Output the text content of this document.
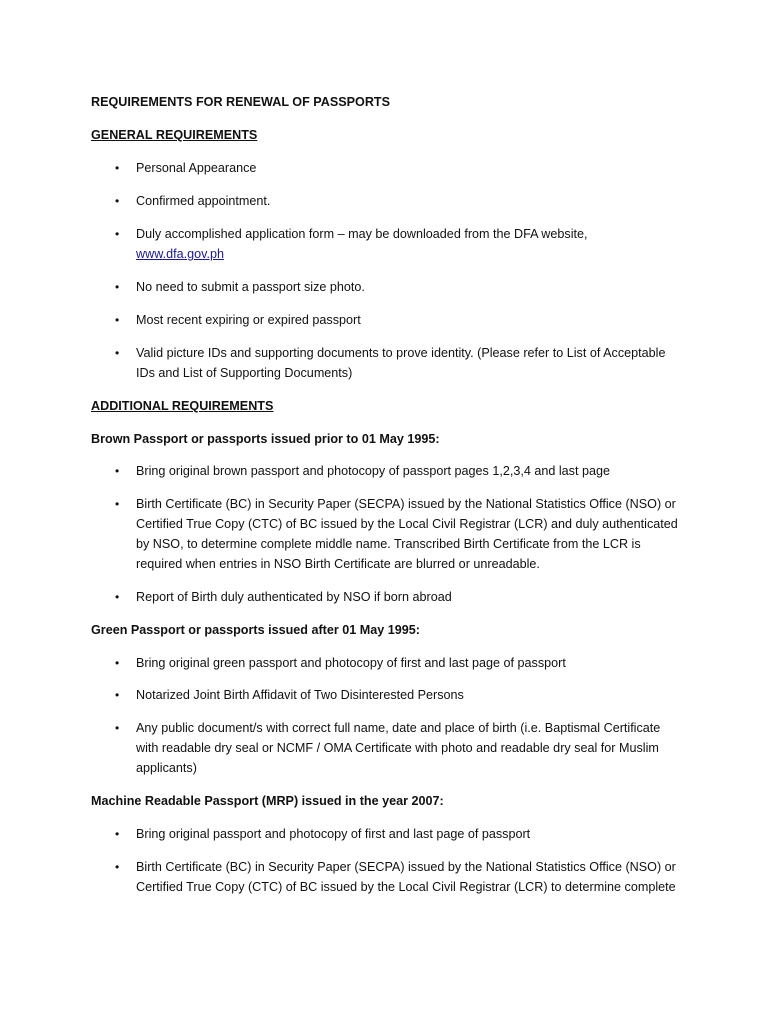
REQUIREMENTS FOR RENEWAL OF PASSPORTS
GENERAL REQUIREMENTS
•	Personal Appearance
•	Confirmed appointment.
•	Duly accomplished application form – may be downloaded from the DFA website,
www.dfa.gov.ph
•	No need to submit a passport size photo.
•	Most recent expiring or expired passport
•	Valid picture IDs and supporting documents to prove identity. (Please refer to List of Acceptable
IDs and List of Supporting Documents)
ADDITIONAL REQUIREMENTS
Brown Passport or passports issued prior to 01 May 1995:
•	Bring original brown passport and photocopy of passport pages 1,2,3,4 and last page
•	Birth Certificate (BC) in Security Paper (SECPA) issued by the National Statistics Office (NSO) or
Certified True Copy (CTC) of BC issued by the Local Civil Registrar (LCR) and duly authenticated
by NSO, to determine complete middle name. Transcribed Birth Certificate from the LCR is
required when entries in NSO Birth Certificate are blurred or unreadable.
•	Report of Birth duly authenticated by NSO if born abroad
Green Passport or passports issued after 01 May 1995:
•	Bring original green passport and photocopy of first and last page of passport
•	Notarized Joint Birth Affidavit of Two Disinterested Persons
•	Any public document/s with correct full name, date and place of birth (i.e. Baptismal Certificate
with readable dry seal or NCMF / OMA Certificate with photo and readable dry seal for Muslim
applicants)
Machine Readable Passport (MRP) issued in the year 2007:
•	Bring original passport and photocopy of first and last page of passport
•	Birth Certificate (BC) in Security Paper (SECPA) issued by the National Statistics Office (NSO) or
Certified True Copy (CTC) of BC issued by the Local Civil Registrar (LCR) to determine complete
